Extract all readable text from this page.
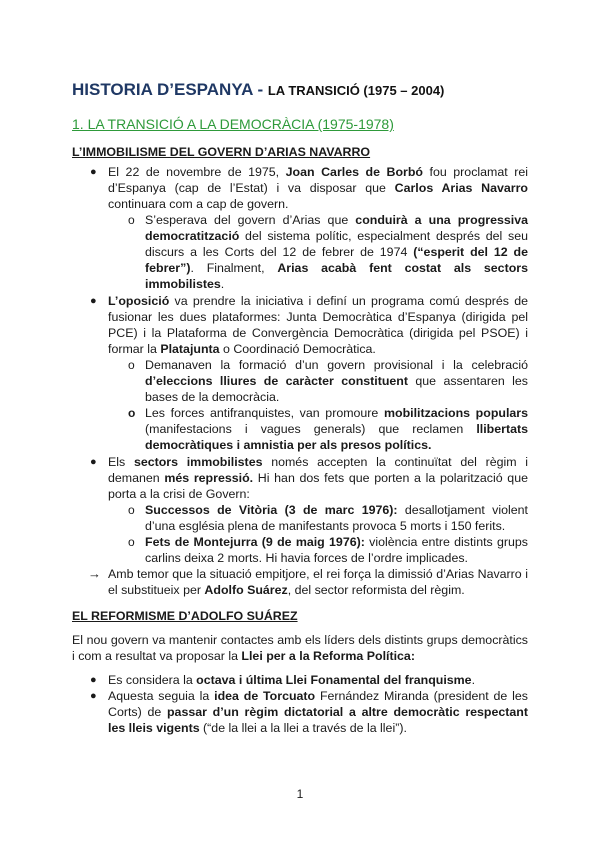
HISTORIA D’ESPANYA - LA TRANSICIÓ (1975 – 2004)
1. LA TRANSICIÓ A LA DEMOCRÀCIA (1975-1978)
L’IMMOBILISME DEL GOVERN D’ARIAS NAVARRO
● El 22 de novembre de 1975, Joan Carles de Borbó fou proclamat rei d’Espanya (cap de l’Estat) i va disposar que Carlos Arias Navarro continuara com a cap de govern.
o S’esperava del govern d’Arias que conduirà a una progressiva democratització del sistema polític, especialment després del seu discurs a les Corts del 12 de febrer de 1974 (“esperit del 12 de febrer”). Finalment, Arias acabà fent costat als sectors immobilistes.
● L’oposició va prendre la iniciativa i definí un programa comú després de fusionar les dues plataformes: Junta Democràtica d’Espanya (dirigida pel PCE) i la Plataforma de Convergència Democràtica (dirigida pel PSOE) i formar la Platajunta o Coordinació Democràtica.
o Demanaven la formació d’un govern provisional i la celebració d’eleccions lliures de caràcter constituent que assentaren les bases de la democràcia.
o Les forces antifranquistes, van promoure mobilitzacions populars (manifestacions i vagues generals) que reclamen llibertats democràtiques i amnistia per als presos polítics.
● Els sectors immobilistes només accepten la continuïtat del règim i demanen més repressió. Hi han dos fets que porten a la polarització que porta a la crisi de Govern:
o Successos de Vitòria (3 de marc 1976): desallotjament violent d’una església plena de manifestants provoca 5 morts i 150 ferits.
o Fets de Montejurra (9 de maig 1976): violència entre distints grups carlins deixa 2 morts. Hi havia forces de l’ordre implicades.
→ Amb temor que la situació empitjore, el rei força la dimissió d’Arias Navarro i el substitueix per Adolfo Suárez, del sector reformista del règim.
EL REFORMISME D’ADOLFO SUÁREZ
El nou govern va mantenir contactes amb els líders dels distints grups democràtics i com a resultat va proposar la Llei per a la Reforma Política:
● Es considera la octava i última Llei Fonamental del franquisme.
● Aquesta seguia la idea de Torcuato Fernández Miranda (president de les Corts) de passar d’un règim dictatorial a altre democràtic respectant les lleis vigents (“de la llei a la llei a través de la llei”).
1
